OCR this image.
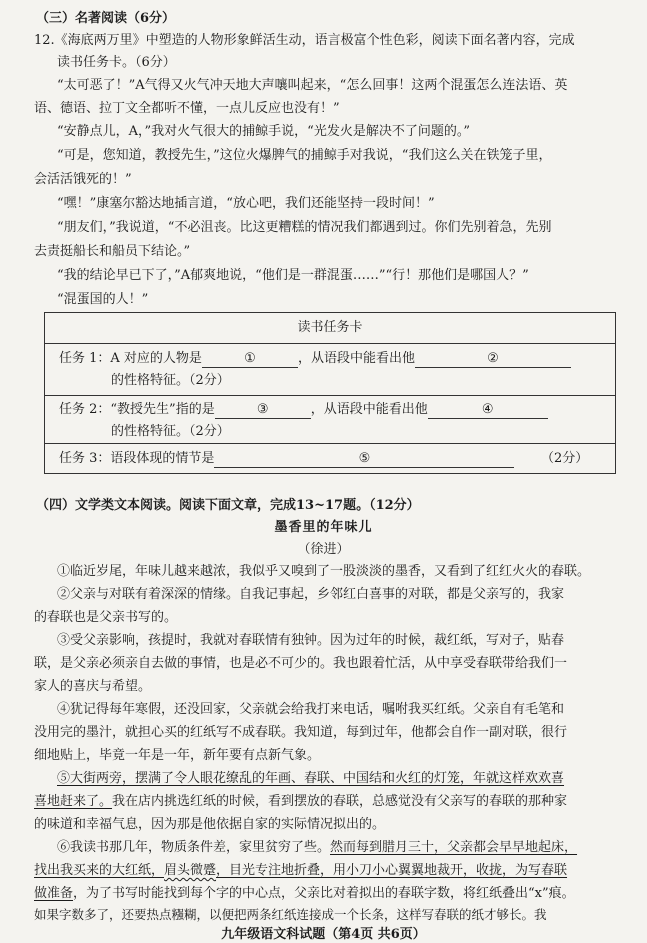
（三）名著阅读（6分）
12.《海底两万里》中塑造的人物形象鲜活生动，语言极富个性色彩，阅读下面名著内容，完成
读书任务卡。（6分）
“太可恶了！”A气得又火气冲天地大声嚷叫起来，“怎么回事！这两个混蛋怎么连法语、英
语、德语、拉丁文全都听不懂，一点儿反应也没有！”
“安静点儿，A，”我对火气很大的捕鲸手说，“光发火是解决不了问题的。”
“可是，您知道，教授先生，”这位火爆脾气的捕鲸手对我说，“我们这么关在铁笼子里，
会活活饿死的！”
“嘿！”康塞尔豁达地插言道，“放心吧，我们还能坚持一段时间！”
“朋友们，”我说道，“不必沮丧。比这更糟糕的情况我们都遇到过。你们先别着急，先别
去责挺船长和船员下结论。”
“我的结论早已下了，”A郁爽地说，“他们是一群混蛋……”“行！那他们是哪国人？”
“混蛋国的人！”
读书任务卡
任务 1：A 对应的人物是	①	，从语段中能看出他	②
的性格特征。（2分）
任务 2：“教授先生”指的是	③	，从语段中能看出他	④
的性格特征。（2分）
任务 3：语段体现的情节是	⑤	（2分）
（四）文学类文本阅读。阅读下面文章，完成13~17题。（12分）
墨香里的年味儿
（徐进）
①临近岁尾，年味儿越来越浓，我似乎又嗅到了一股淡淡的墨香，又看到了红红火火的春联。
②父亲与对联有着深深的情缘。自我记事起，乡邻红白喜事的对联，都是父亲写的，我家
的春联也是父亲书写的。
③受父亲影响，孩提时，我就对春联情有独钟。因为过年的时候，裁红纸，写对子，贴春
联，是父亲必须亲自去做的事情，也是必不可少的。我也跟着忙活，从中享受春联带给我们一
家人的喜庆与希望。
④犹记得每年寒假，还没回家，父亲就会给我打来电话，嘱咐我买红纸。父亲自有毛笔和
没用完的墨汁，就担心买的红纸写不成春联。我知道，每到过年，他都会自作一副对联，很行
细地贴上，毕竟一年是一年，新年要有点新气象。
⑤大街两旁，摆满了令人眼花缭乱的年画、春联、中国结和火红的灯笼，年就这样欢欢喜
喜地赶来了。我在店内挑选红纸的时候，看到摆放的春联，总感觉没有父亲写的春联的那种家
的味道和幸福气息，因为那是他依据自家的实际情况拟出的。
⑥我读书那几年，物质条件差，家里贫穷了些。然而每到腊月三十，父亲都会早早地起床，
找出我买来的大红纸，眉头微蹙，目光专注地折叠，用小刀小心翼翼地裁开，收拢，为写春联
做准备，为了书写时能找到每个字的中心点，父亲比对着拟出的春联字数，将红纸叠出“x”痕。
如果字数多了，还要热点糨糊，以便把两条红纸连接成一个长条，这样写春联的纸才够长。我
九年级语文科试题（第4页 共6页）
